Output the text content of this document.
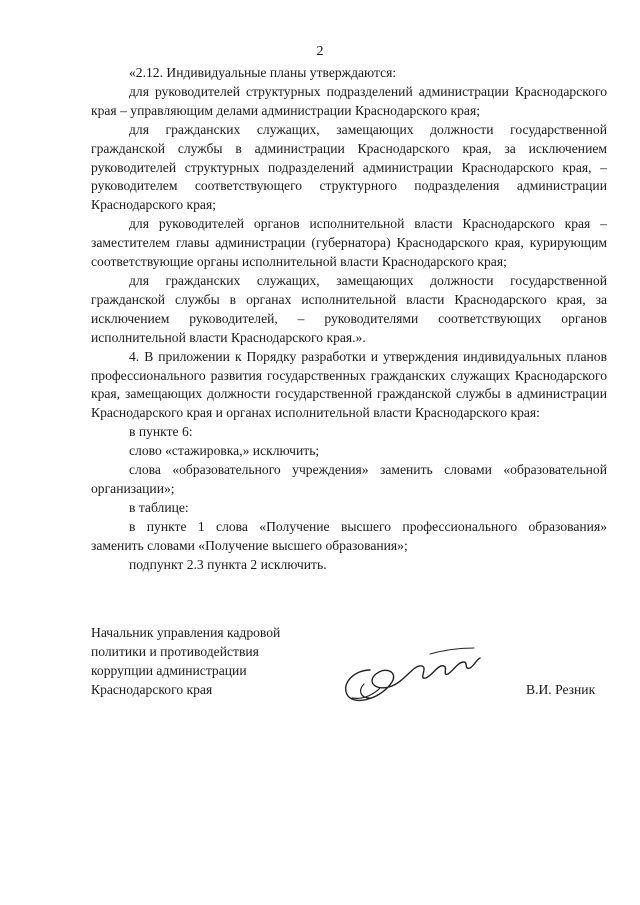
2

«2.12. Индивидуальные планы утверждаются:

для руководителей структурных подразделений администрации Краснодарского края – управляющим делами администрации Краснодарского края;

для гражданских служащих, замещающих должности государственной гражданской службы в администрации Краснодарского края, за исключением руководителей структурных подразделений администрации Краснодарского края, – руководителем соответствующего структурного подразделения администрации Краснодарского края;

для руководителей органов исполнительной власти Краснодарского края – заместителем главы администрации (губернатора) Краснодарского края, курирующим соответствующие органы исполнительной власти Краснодарского края;

для гражданских служащих, замещающих должности государственной гражданской службы в органах исполнительной власти Краснодарского края, за исключением руководителей, – руководителями соответствующих органов исполнительной власти Краснодарского края.».

4. В приложении к Порядку разработки и утверждения индивидуальных планов профессионального развития государственных гражданских служащих Краснодарского края, замещающих должности государственной гражданской службы в администрации Краснодарского края и органах исполнительной власти Краснодарского края:

в пункте 6:

слово «стажировка,» исключить;

слова «образовательного учреждения» заменить словами «образовательной организации»;

в таблице:

в пункте 1 слова «Получение высшего профессионального образования» заменить словами «Получение высшего образования»;

подпункт 2.3 пункта 2 исключить.

Начальник управления кадровой
политики и противодействия
коррупции администрации
Краснодарского края	В.И. Резник
